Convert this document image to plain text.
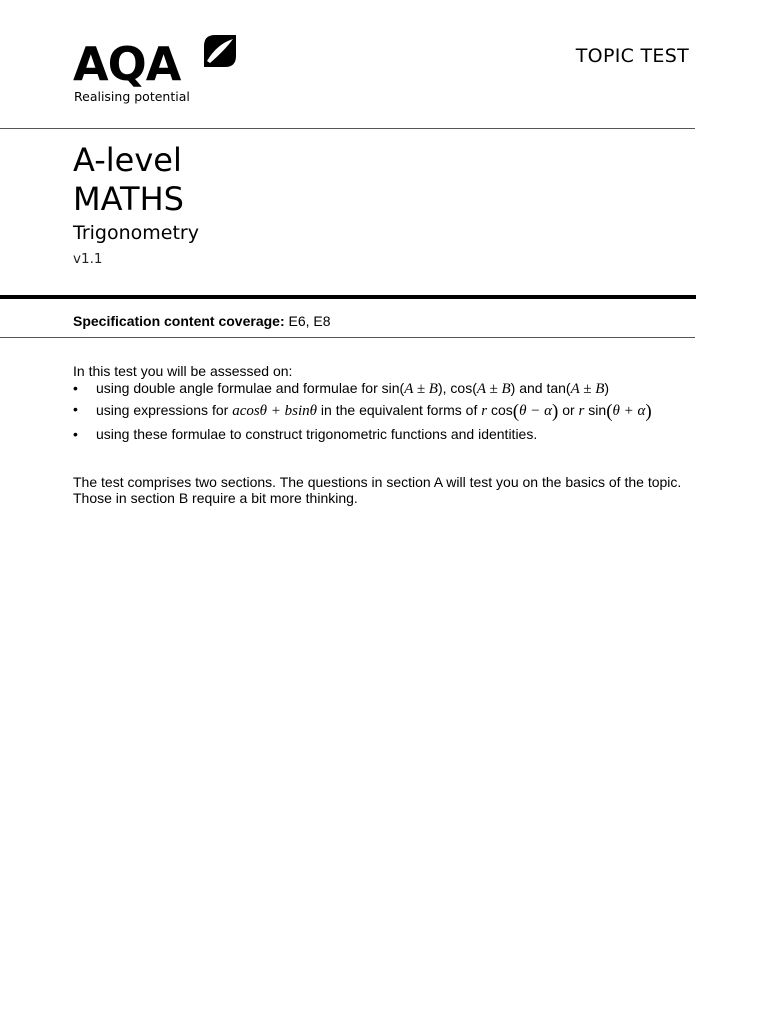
AQA
Realising potential
TOPIC TEST
A-level
MATHS
Trigonometry
v1.1
Specification content coverage: E6, E8
In this test you will be assessed on:
• using double angle formulae and formulae for sin(A ± B), cos(A ± B) and tan(A ± B)
• using expressions for acosθ + bsinθ in the equivalent forms of r cos(θ − α) or r sin(θ + α)
• using these formulae to construct trigonometric functions and identities.
The test comprises two sections. The questions in section A will test you on the basics of the topic.
Those in section B require a bit more thinking.
